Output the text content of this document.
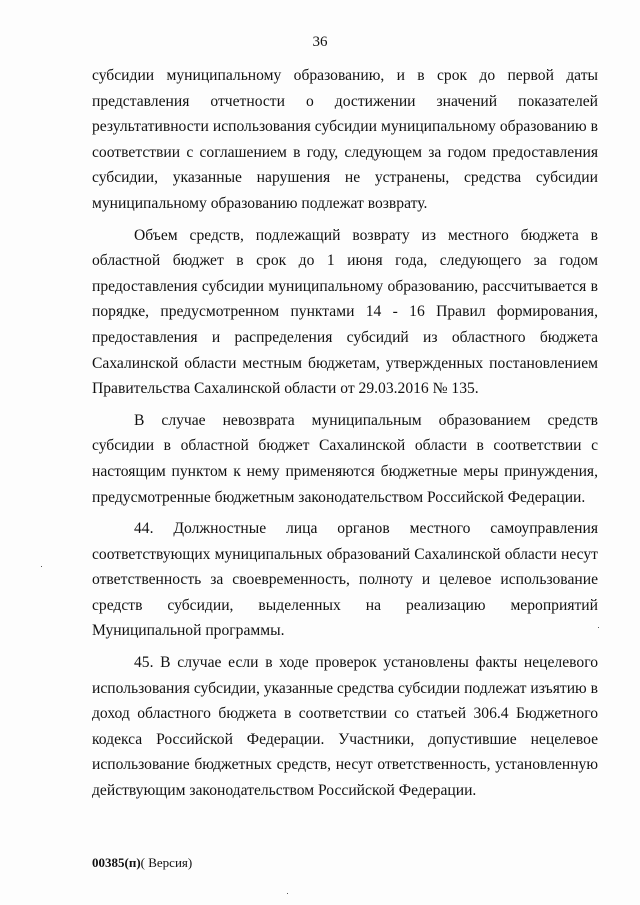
36

субсидии муниципальному образованию, и в срок до первой даты представления отчетности о достижении значений показателей результативности использования субсидии муниципальному образованию в соответствии с соглашением в году, следующем за годом предоставления субсидии, указанные нарушения не устранены, средства субсидии муниципальному образованию подлежат возврату.

Объем средств, подлежащий возврату из местного бюджета в областной бюджет в срок до 1 июня года, следующего за годом предоставления субсидии муниципальному образованию, рассчитывается в порядке, предусмотренном пунктами 14 - 16 Правил формирования, предоставления и распределения субсидий из областного бюджета Сахалинской области местным бюджетам, утвержденных постановлением Правительства Сахалинской области от 29.03.2016 № 135.

В случае невозврата муниципальным образованием средств субсидии в областной бюджет Сахалинской области в соответствии с настоящим пунктом к нему применяются бюджетные меры принуждения, предусмотренные бюджетным законодательством Российской Федерации.

44. Должностные лица органов местного самоуправления соответствующих муниципальных образований Сахалинской области несут ответственность за своевременность, полноту и целевое использование средств субсидии, выделенных на реализацию мероприятий Муниципальной программы.

45. В случае если в ходе проверок установлены факты нецелевого использования субсидии, указанные средства субсидии подлежат изъятию в доход областного бюджета в соответствии со статьей 306.4 Бюджетного кодекса Российской Федерации. Участники, допустившие нецелевое использование бюджетных средств, несут ответственность, установленную действующим законодательством Российской Федерации.

00385(п)( Версия)
